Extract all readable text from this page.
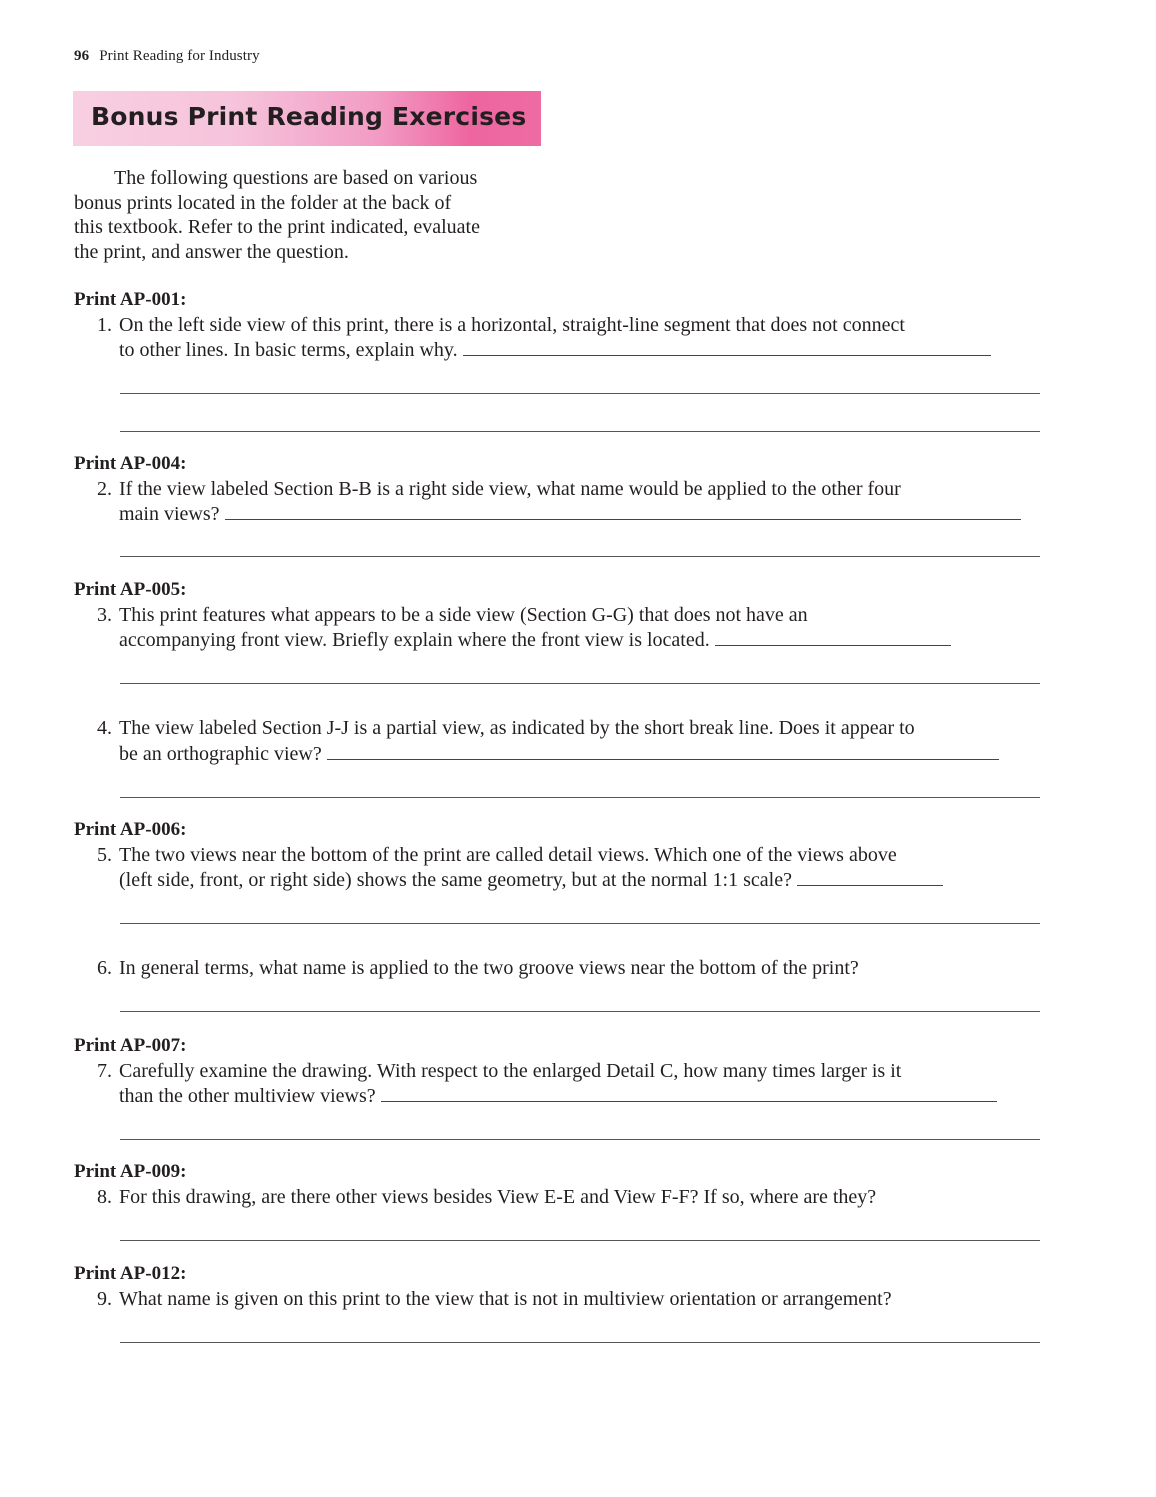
96 Print Reading for Industry
Bonus Print Reading Exercises
The following questions are based on various
bonus prints located in the folder at the back of
this textbook. Refer to the print indicated, evaluate
the print, and answer the question.
Print AP-001:
1. On the left side view of this print, there is a horizontal, straight-line segment that does not connect
to other lines. In basic terms, explain why.
Print AP-004:
2. If the view labeled Section B-B is a right side view, what name would be applied to the other four
main views?
Print AP-005:
3. This print features what appears to be a side view (Section G-G) that does not have an
accompanying front view. Briefly explain where the front view is located.
4. The view labeled Section J-J is a partial view, as indicated by the short break line. Does it appear to
be an orthographic view?
Print AP-006:
5. The two views near the bottom of the print are called detail views. Which one of the views above
(left side, front, or right side) shows the same geometry, but at the normal 1:1 scale?
6. In general terms, what name is applied to the two groove views near the bottom of the print?
Print AP-007:
7. Carefully examine the drawing. With respect to the enlarged Detail C, how many times larger is it
than the other multiview views?
Print AP-009:
8. For this drawing, are there other views besides View E-E and View F-F? If so, where are they?
Print AP-012:
9. What name is given on this print to the view that is not in multiview orientation or arrangement?
